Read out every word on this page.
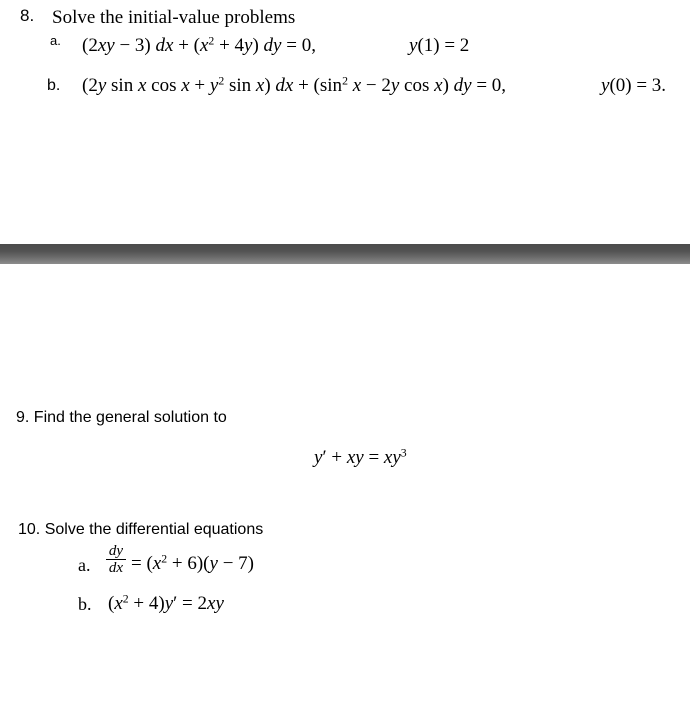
8. Solve the initial-value problems
a. (2xy − 3) dx + $(x^2 + 4y)$ dy = 0,	y(1) = 2
b. (2y sin x $\cos x + y^2$ sin x) dx + ($\sin^2$ x − 2y cos x) dy = 0,	y(0) = 3.
9. Find the general solution to
y′ + xy = $xy^3$
10. Solve the differential equations
a.
dy
dx = $(x^2 + 6)(y - 7)$
b. $(x^2 + 4)y' = 2xy$
